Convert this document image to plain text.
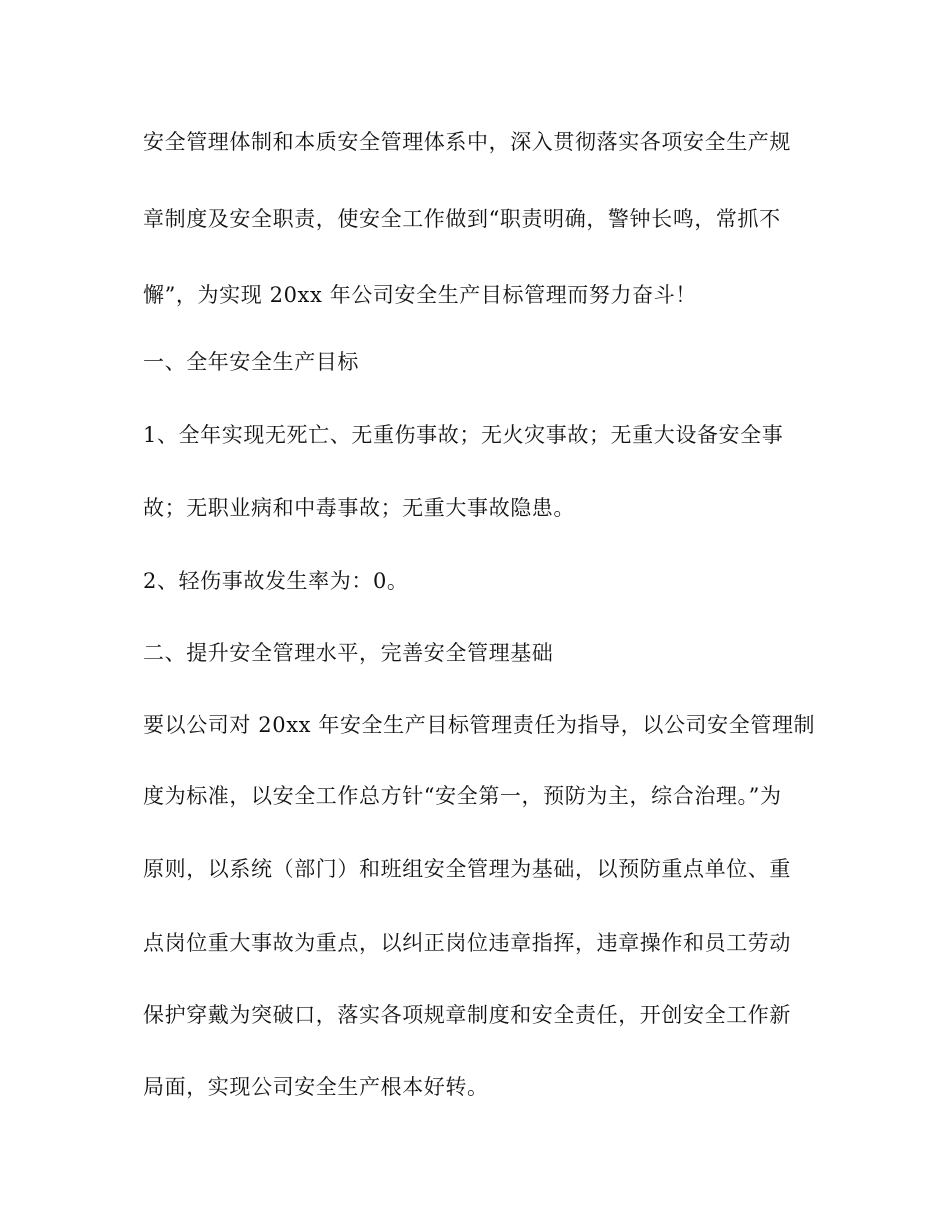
安全管理体制和本质安全管理体系中，深入贯彻落实各项安全生产规
章制度及安全职责，使安全工作做到“职责明确，警钟长鸣，常抓不
懈”，为实现 20xx 年公司安全生产目标管理而努力奋斗！
一、全年安全生产目标
1、全年实现无死亡、无重伤事故；无火灾事故；无重大设备安全事
故；无职业病和中毒事故；无重大事故隐患。
2、轻伤事故发生率为：0。
二、提升安全管理水平，完善安全管理基础
要以公司对 20xx 年安全生产目标管理责任为指导，以公司安全管理制
度为标准，以安全工作总方针“安全第一，预防为主，综合治理。”为
原则，以系统（部门）和班组安全管理为基础，以预防重点单位、重
点岗位重大事故为重点，以纠正岗位违章指挥，违章操作和员工劳动
保护穿戴为突破口，落实各项规章制度和安全责任，开创安全工作新
局面，实现公司安全生产根本好转。
